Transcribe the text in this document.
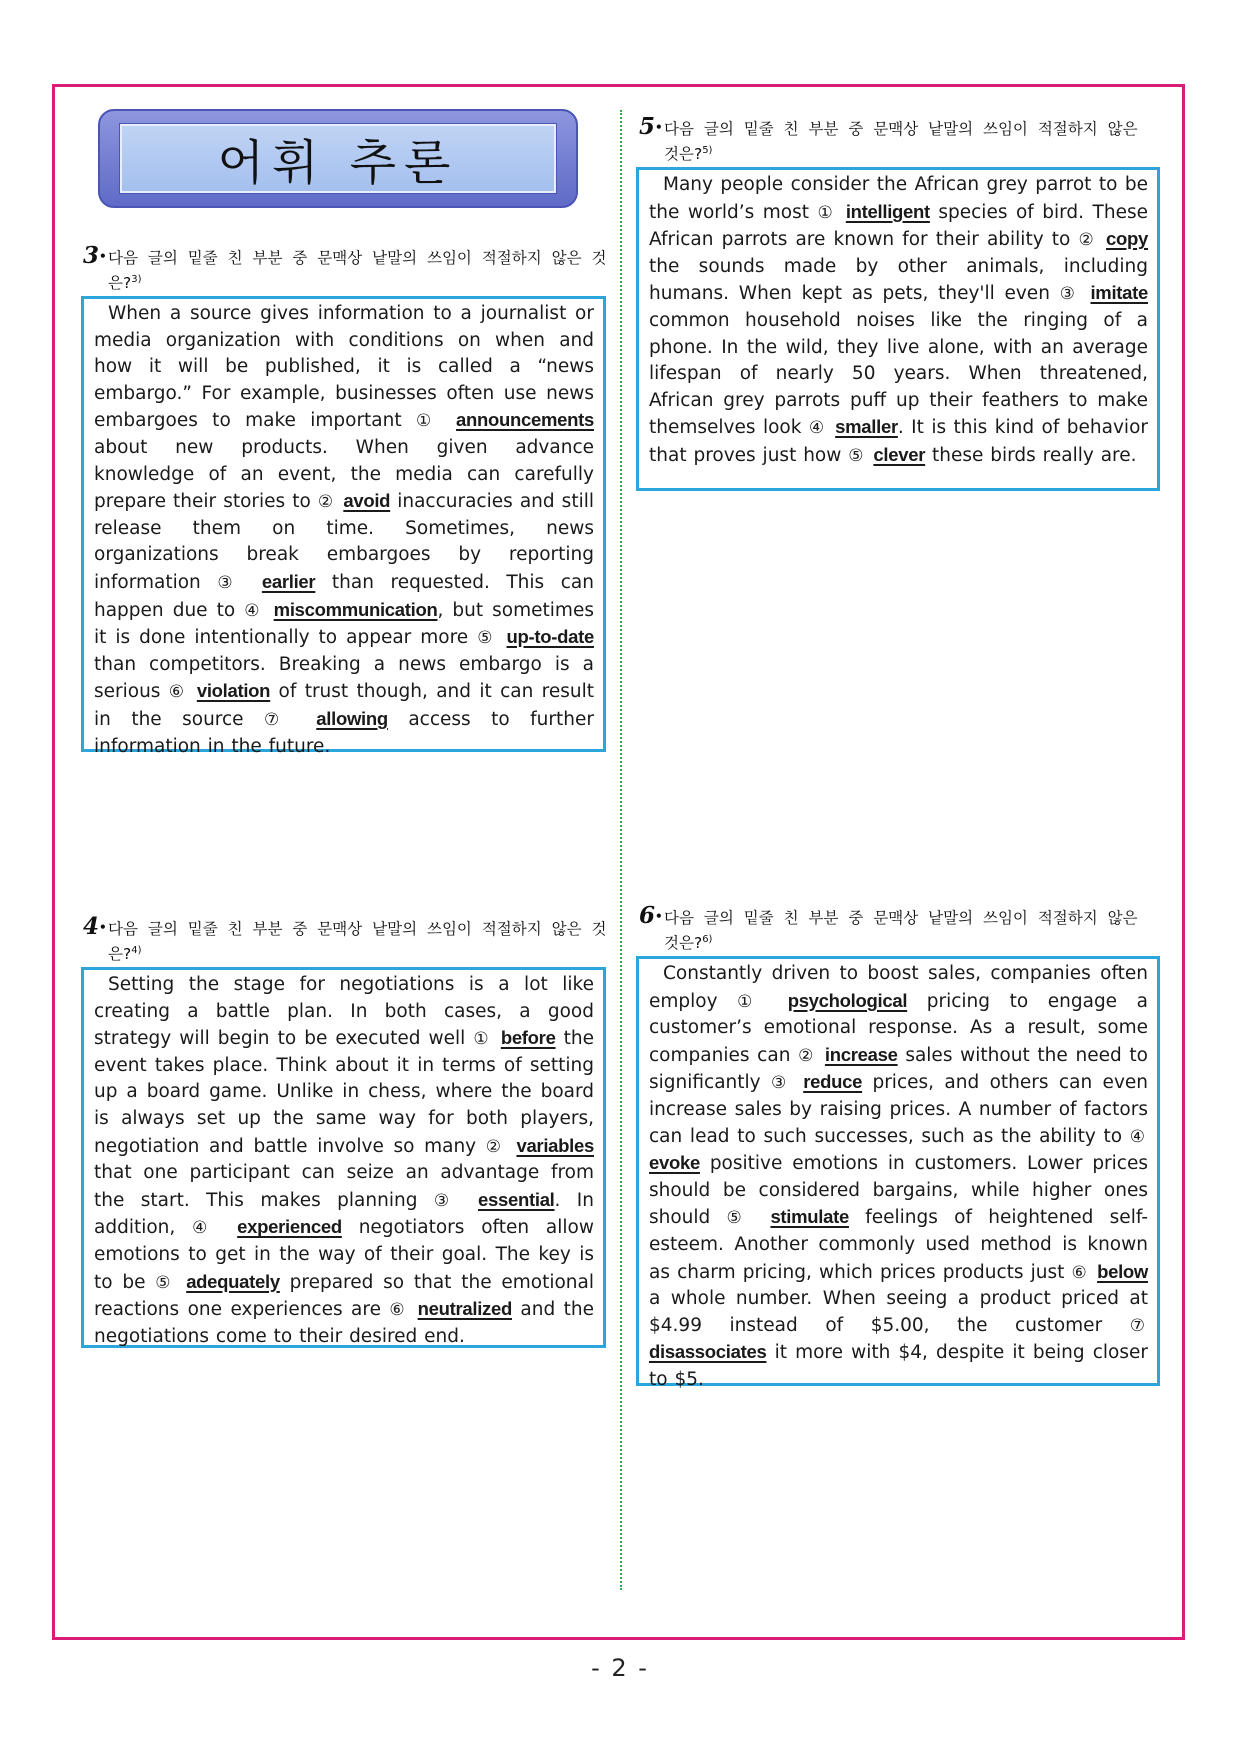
어휘 추론
3• 다음 글의 밑줄 친 부분 중 문맥상 낱말의 쓰임이 적절하지 않은 것은?$^{3)}$

When a source gives information to a journalist or media organization with conditions on when and how it will be published, it is called a “news embargo.” For example, businesses often use news embargoes to make important ① announcements about new products. When given advance knowledge of an event, the media can carefully prepare their stories to ② avoid inaccuracies and still release them on time. Sometimes, news organizations break embargoes by reporting information ③ earlier than requested. This can happen due to ④ miscommunication, but sometimes it is done intentionally to appear more ⑤ up-to-date than competitors. Breaking a news embargo is a serious ⑥ violation of trust though, and it can result in the source ⑦ allowing access to further information in the future.

4• 다음 글의 밑줄 친 부분 중 문맥상 낱말의 쓰임이 적절하지 않은 것은?$^{4)}$

Setting the stage for negotiations is a lot like creating a battle plan. In both cases, a good strategy will begin to be executed well ① before the event takes place. Think about it in terms of setting up a board game. Unlike in chess, where the board is always set up the same way for both players, negotiation and battle involve so many ② variables that one participant can seize an advantage from the start. This makes planning ③ essential. In addition, ④ experienced negotiators often allow emotions to get in the way of their goal. The key is to be ⑤ adequately prepared so that the emotional reactions one experiences are ⑥ neutralized and the negotiations come to their desired end.

5• 다음 글의 밑줄 친 부분 중 문맥상 낱말의 쓰임이 적절하지 않은 것은?$^{5)}$

Many people consider the African grey parrot to be the world’s most ① intelligent species of bird. These African parrots are known for their ability to ② copy the sounds made by other animals, including humans. When kept as pets, they'll even ③ imitate common household noises like the ringing of a phone. In the wild, they live alone, with an average lifespan of nearly 50 years. When threatened, African grey parrots puff up their feathers to make themselves look ④ smaller. It is this kind of behavior that proves just how ⑤ clever these birds really are.

6• 다음 글의 밑줄 친 부분 중 문맥상 낱말의 쓰임이 적절하지 않은 것은?$^{6)}$

Constantly driven to boost sales, companies often employ ① psychological pricing to engage a customer’s emotional response. As a result, some companies can ② increase sales without the need to significantly ③ reduce prices, and others can even increase sales by raising prices. A number of factors can lead to such successes, such as the ability to ④ evoke positive emotions in customers. Lower prices should be considered bargains, while higher ones should ⑤ stimulate feelings of heightened self-esteem. Another commonly used method is known as charm pricing, which prices products just ⑥ below a whole number. When seeing a product priced at $4.99 instead of $5.00, the customer ⑦ disassociates it more with $4, despite it being closer to $5.

- 2 -
